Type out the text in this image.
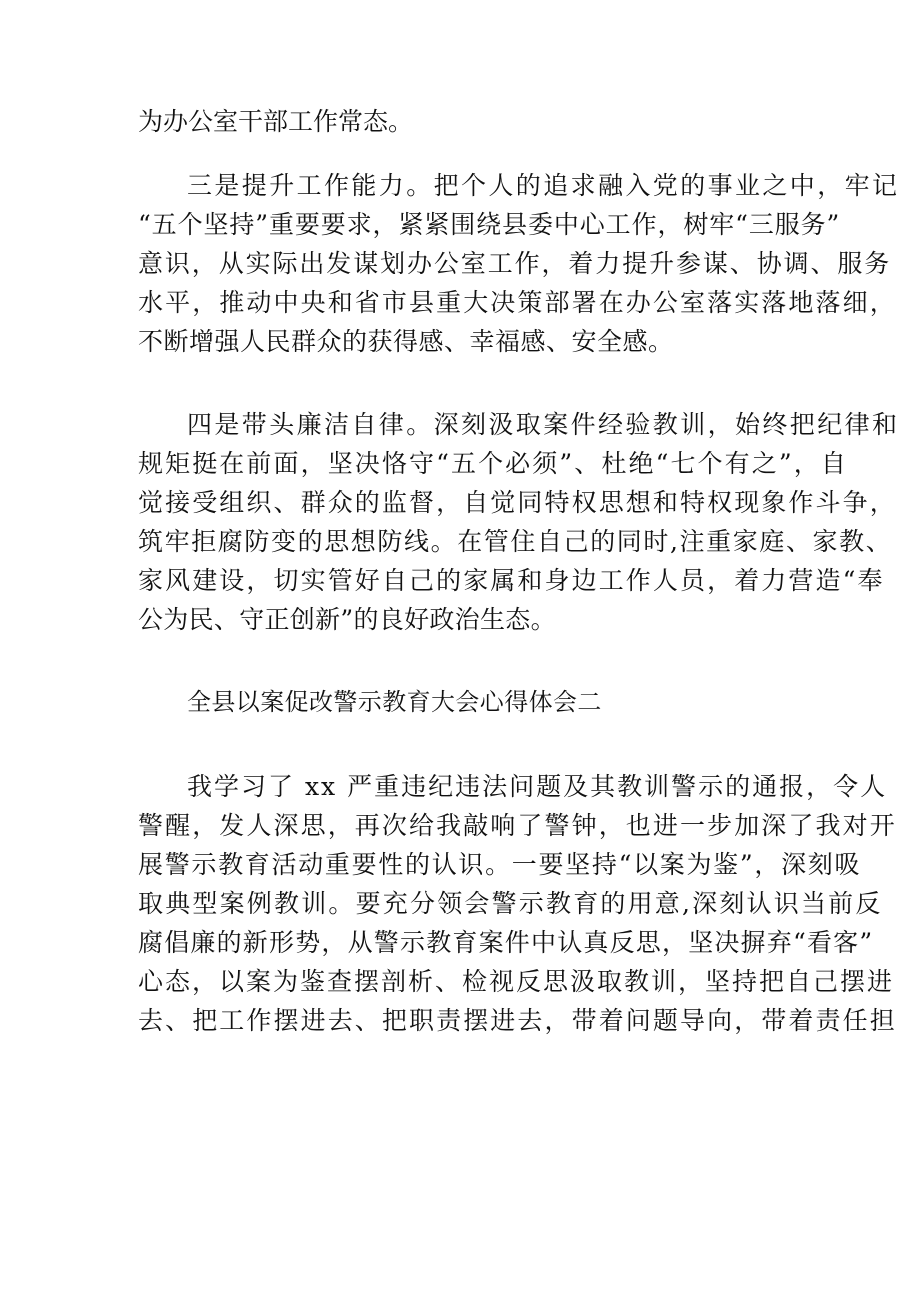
为办公室干部工作常态。
三是提升工作能力。把个人的追求融入党的事业之中，牢记
“五个坚持”重要要求，紧紧围绕县委中心工作，树牢“三服务”
意识，从实际出发谋划办公室工作，着力提升参谋、协调、服务
水平，推动中央和省市县重大决策部署在办公室落实落地落细，
不断增强人民群众的获得感、幸福感、安全感。
四是带头廉洁自律。深刻汲取案件经验教训，始终把纪律和
规矩挺在前面，坚决恪守“五个必须”、杜绝“七个有之”，自
觉接受组织、群众的监督，自觉同特权思想和特权现象作斗争，
筑牢拒腐防变的思想防线。在管住自己的同时,注重家庭、家教、
家风建设，切实管好自己的家属和身边工作人员，着力营造“奉
公为民、守正创新”的良好政治生态。
全县以案促改警示教育大会心得体会二
我学习了 xx 严重违纪违法问题及其教训警示的通报，令人
警醒，发人深思，再次给我敲响了警钟，也进一步加深了我对开
展警示教育活动重要性的认识。一要坚持“以案为鉴”，深刻吸
取典型案例教训。要充分领会警示教育的用意,深刻认识当前反
腐倡廉的新形势，从警示教育案件中认真反思，坚决摒弃“看客”
心态，以案为鉴查摆剖析、检视反思汲取教训，坚持把自己摆进
去、把工作摆进去、把职责摆进去，带着问题导向，带着责任担
